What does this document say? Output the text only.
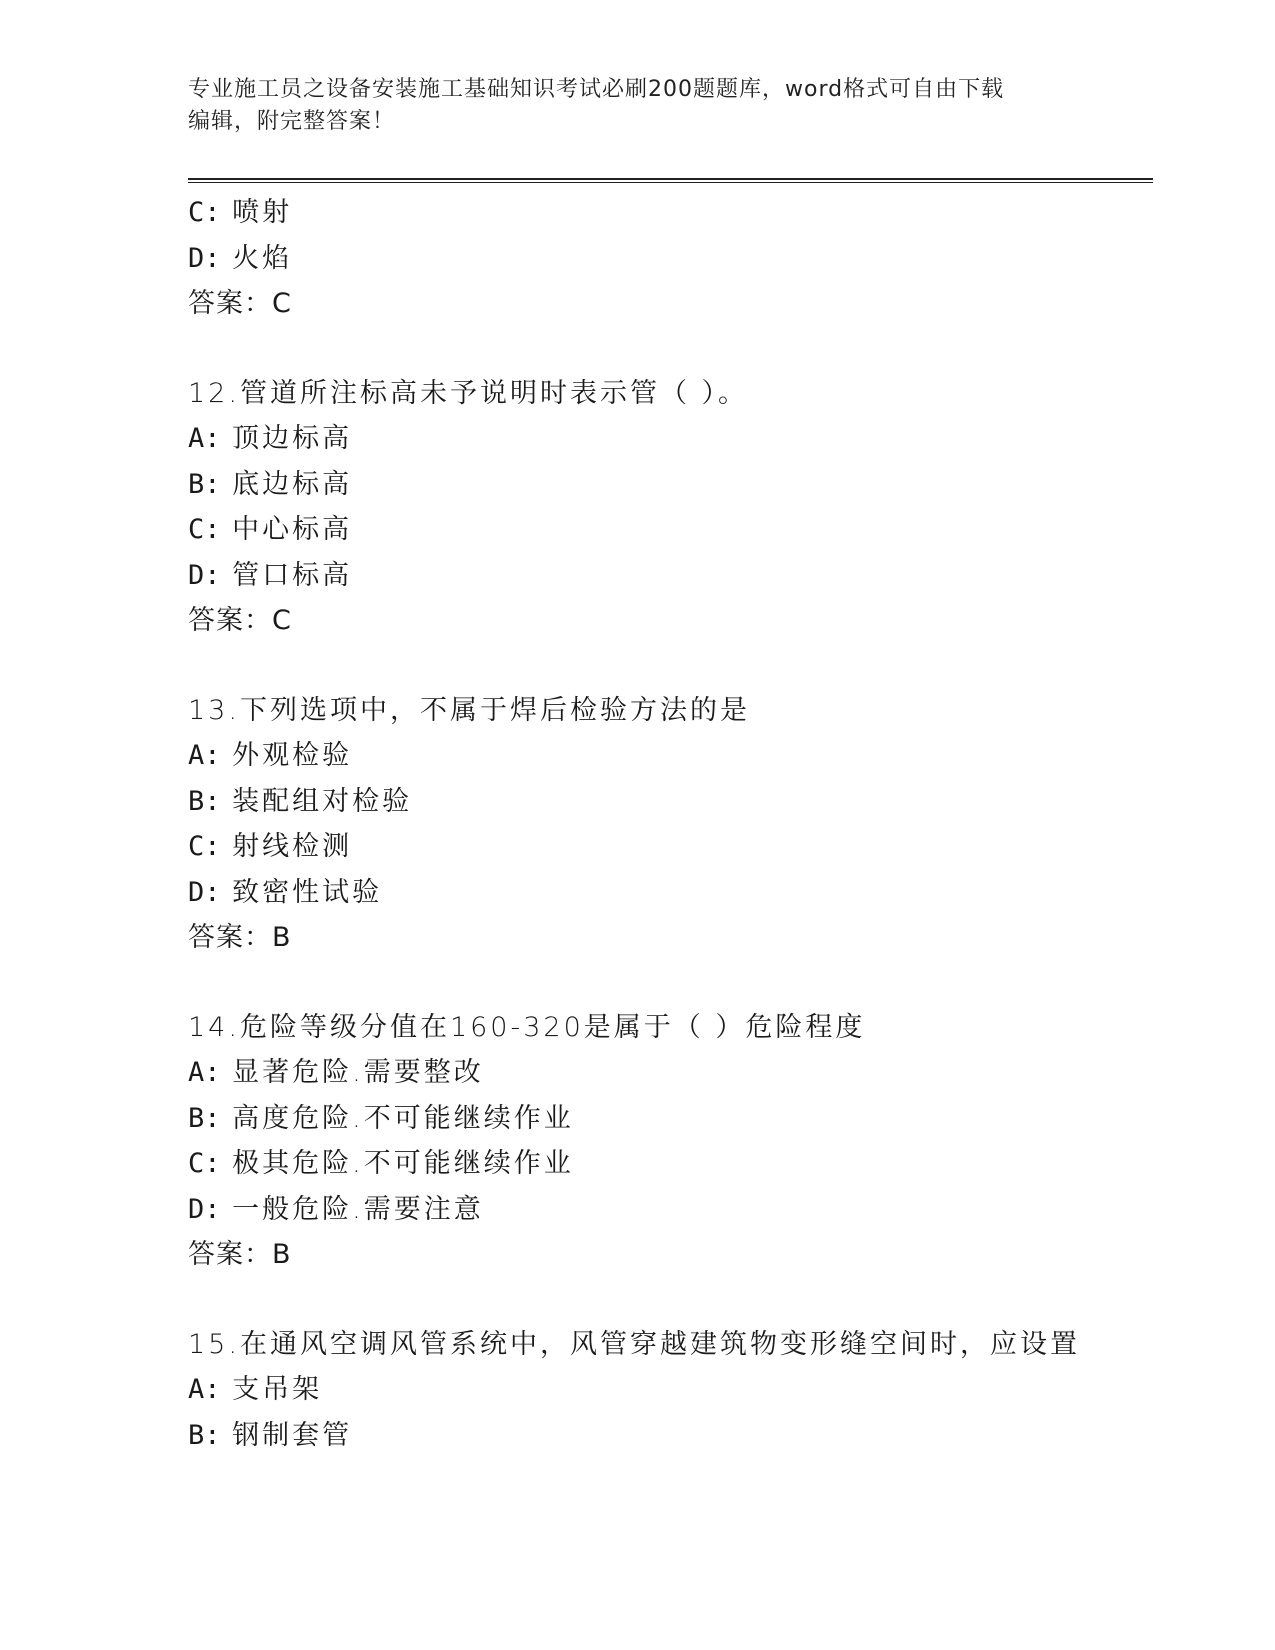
专业施工员之设备安装施工基础知识考试必刷200题题库，word格式可自由下载
编辑，附完整答案！
C: 喷射
D: 火焰
答案：C
12.管道所注标高未予说明时表示管（ ）。
A: 顶边标高
B: 底边标高
C: 中心标高
D: 管口标高
答案：C
13.下列选项中，不属于焊后检验方法的是
A: 外观检验
B: 装配组对检验
C: 射线检测
D: 致密性试验
答案：B
14.危险等级分值在160-320是属于（ ）危险程度
A: 显著危险.需要整改
B: 高度危险.不可能继续作业
C: 极其危险.不可能继续作业
D: 一般危险.需要注意
答案：B
15.在通风空调风管系统中，风管穿越建筑物变形缝空间时，应设置
A: 支吊架
B: 钢制套管
